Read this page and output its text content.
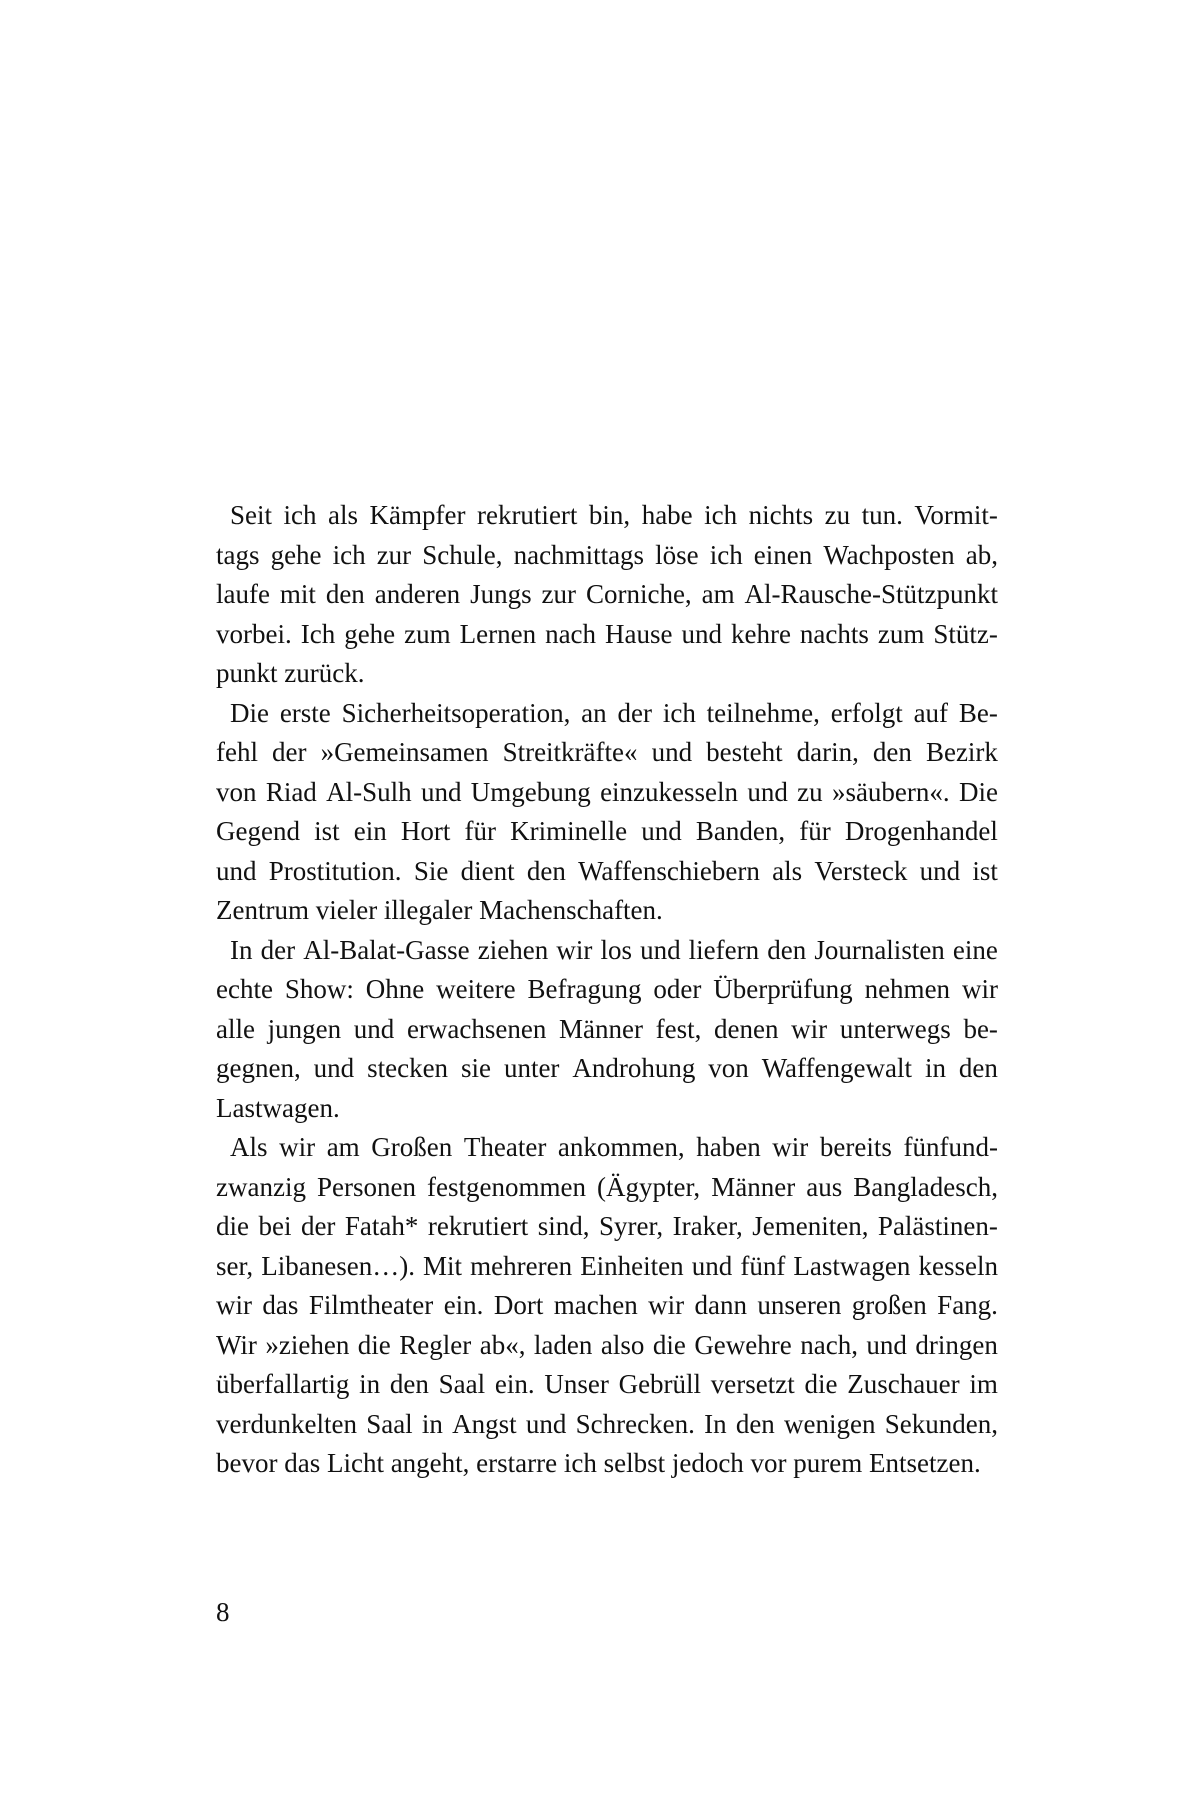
Seit ich als Kämpfer rekrutiert bin, habe ich nichts zu tun. Vormit-
tags gehe ich zur Schule, nachmittags löse ich einen Wachposten ab,
laufe mit den anderen Jungs zur Corniche, am Al-Rausche-Stützpunkt
vorbei. Ich gehe zum Lernen nach Hause und kehre nachts zum Stütz-
punkt zurück.
Die erste Sicherheitsoperation, an der ich teilnehme, erfolgt auf Be-
fehl der »Gemeinsamen Streitkräfte« und besteht darin, den Bezirk
von Riad Al-Sulh und Umgebung einzukesseln und zu »säubern«. Die
Gegend ist ein Hort für Kriminelle und Banden, für Drogenhandel
und Prostitution. Sie dient den Waffenschiebern als Versteck und ist
Zentrum vieler illegaler Machenschaften.
In der Al-Balat-Gasse ziehen wir los und liefern den Journalisten eine
echte Show: Ohne weitere Befragung oder Überprüfung nehmen wir
alle jungen und erwachsenen Männer fest, denen wir unterwegs be-
gegnen, und stecken sie unter Androhung von Waffengewalt in den
Lastwagen.
Als wir am Großen Theater ankommen, haben wir bereits fünfund-
zwanzig Personen festgenommen (Ägypter, Männer aus Bangladesch,
die bei der Fatah* rekrutiert sind, Syrer, Iraker, Jemeniten, Palästinen-
ser, Libanesen…). Mit mehreren Einheiten und fünf Lastwagen kesseln
wir das Filmtheater ein. Dort machen wir dann unseren großen Fang.
Wir »ziehen die Regler ab«, laden also die Gewehre nach, und dringen
überfallartig in den Saal ein. Unser Gebrüll versetzt die Zuschauer im
verdunkelten Saal in Angst und Schrecken. In den wenigen Sekunden,
bevor das Licht angeht, erstarre ich selbst jedoch vor purem Entsetzen.
8
